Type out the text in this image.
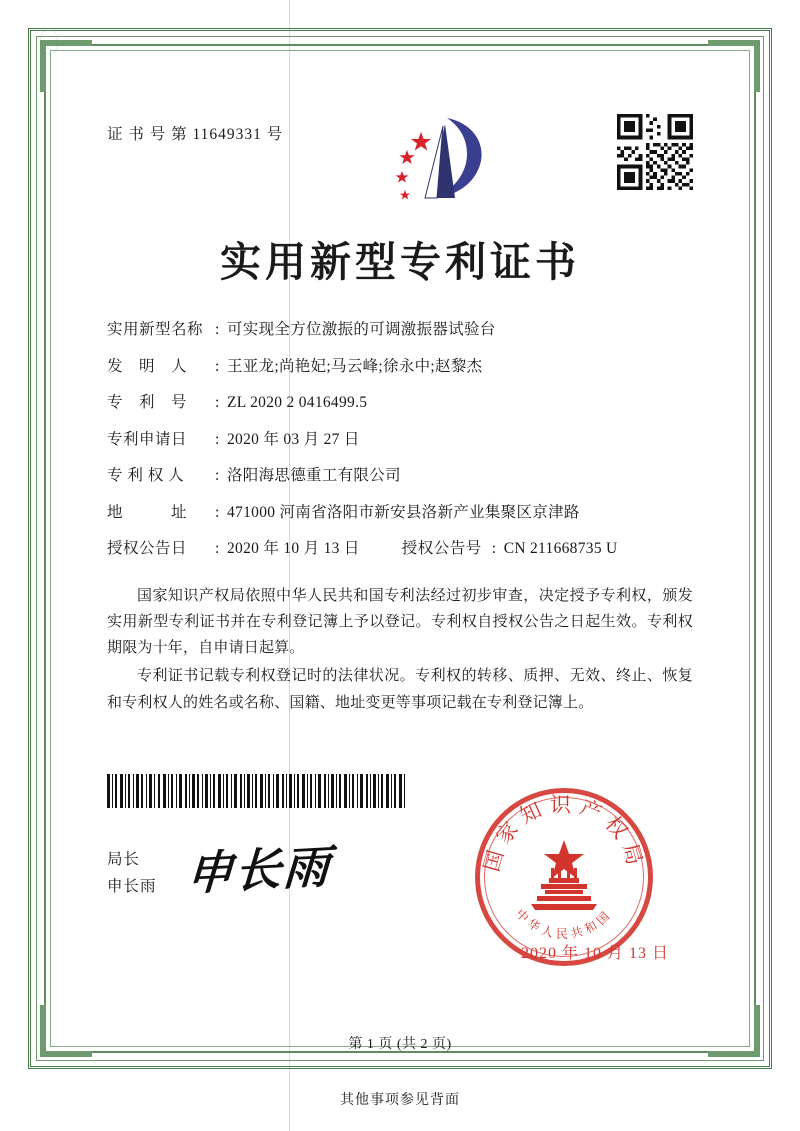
证 书 号 第 11649331 号
实用新型专利证书
实用新型名称 : 可实现全方位激振的可调激振器试验台
发　明　人	: 王亚龙;尚艳妃;马云峰;徐永中;赵黎杰
专　利　号	: ZL 2020 2 0416499.5
专利申请日	: 2020 年 03 月 27 日
专 利 权 人	: 洛阳海思德重工有限公司
地　　　址	: 471000 河南省洛阳市新安县洛新产业集聚区京津路
授权公告日	: 2020 年 10 月 13 日	授权公告号 : CN 211668735 U

国家知识产权局依照中华人民共和国专利法经过初步审查，决定授予专利权，颁发实用新型专利证书并在专利登记簿上予以登记。专利权自授权公告之日起生效。专利权期限为十年，自申请日起算。

专利证书记载专利权登记时的法律状况。专利权的转移、质押、无效、终止、恢复和专利权人的姓名或名称、国籍、地址变更等事项记载在专利登记簿上。

局长
申长雨 申长雨	国家知识产权局
中华人民共和国
2020 年 10 月 13 日
第 1 页 (共 2 页)
其他事项参见背面
